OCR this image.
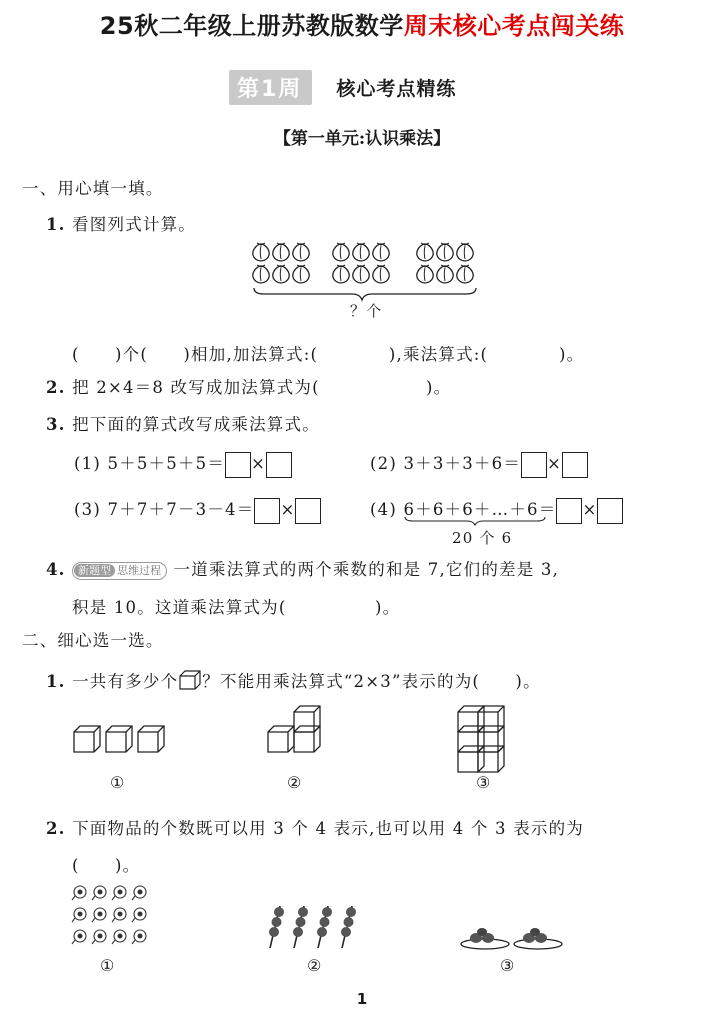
25秋二年级上册苏教版数学周末核心考点闯关练
第1周	核心考点精练
【第一单元:认识乘法】
一、用心填一填。
1. 看图列式计算。
？个
(　　)个(　　)相加,加法算式:(　　　　),乘法算式:(　　　　)。
2. 把 2×4＝8 改写成加法算式为(　　　　　　)。
3. 把下面的算式改写成乘法算式。
(1) 5＋5＋5＋5＝ ×	(2) 3＋3＋3＋6＝ ×
(3) 7＋7＋7－3－4＝ ×	(4) 6＋6＋6＋…＋6
＝ ×
20 个 6
4. 新题型 思维过程 一道乘法算式的两个乘数的和是 7,它们的差是 3,
积是 10。这道乘法算式为(　　　　　)。
二、细心选一选。
1. 一共有多少个 ？不能用乘法算式“2×3”表示的为(　　)。
①	②	③
2. 下面物品的个数既可以用 3 个 4 表示,也可以用 4 个 3 表示的为
(　　)。
①	②	③
1
